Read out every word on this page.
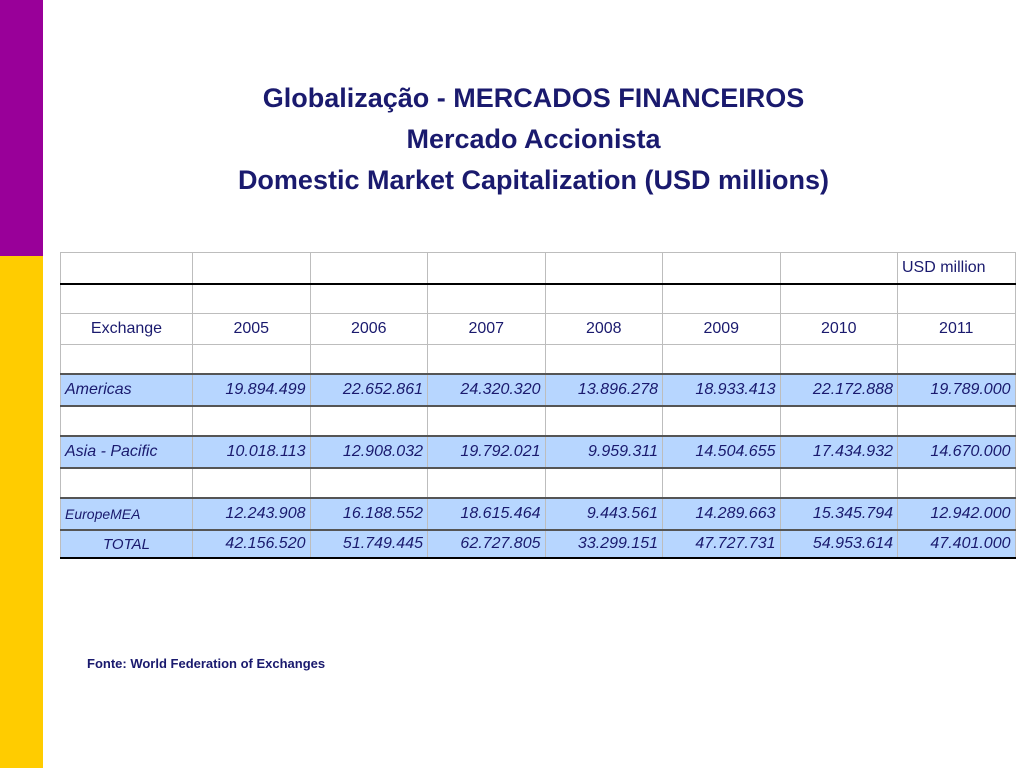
Globalização - MERCADOS FINANCEIROS
Mercado Accionista
Domestic Market Capitalization (USD millions)
							USD million

Exchange	2005	2006	2007	2008	2009	2010	2011

Americas	19.894.499	22.652.861	24.320.320	13.896.278	18.933.413	22.172.888	19.789.000

Asia - Pacific	10.018.113	12.908.032	19.792.021	9.959.311	14.504.655	17.434.932	14.670.000

EuropeMEA	12.243.908	16.188.552	18.615.464	9.443.561	14.289.663	15.345.794	12.942.000
TOTAL	42.156.520	51.749.445	62.727.805	33.299.151	47.727.731	54.953.614	47.401.000
Fonte: World Federation of Exchanges
